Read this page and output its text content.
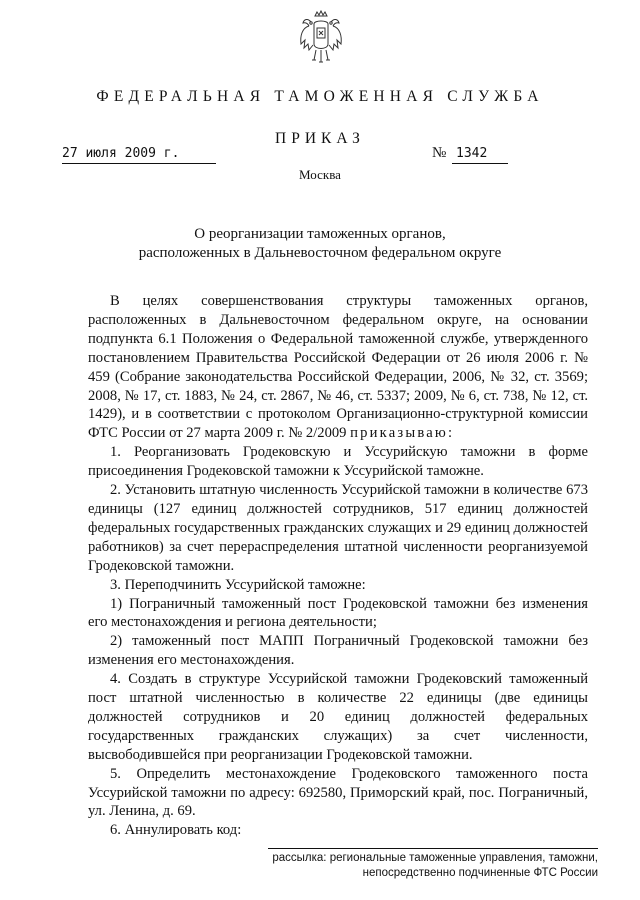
ФЕДЕРАЛЬНАЯ ТАМОЖЕННАЯ СЛУЖБА
ПРИКАЗ
27 июля 2009 г.	№ 1342
Москва
О реорганизации таможенных органов,
расположенных в Дальневосточном федеральном округе

В целях совершенствования структуры таможенных органов, расположенных в Дальневосточном федеральном округе, на основании подпункта 6.1 Положения о Федеральной таможенной службе, утвержденного постановлением Правительства Российской Федерации от 26 июля 2006 г. № 459 (Собрание законодательства Российской Федерации, 2006, № 32, ст. 3569; 2008, № 17, ст. 1883, № 24, ст. 2867, № 46, ст. 5337; 2009, № 6, ст. 738, № 12, ст. 1429), и в соответствии с протоколом Организационно-структурной комиссии ФТС России от 27 марта 2009 г. № 2/2009 приказываю:

1. Реорганизовать Гродековскую и Уссурийскую таможни в форме присоединения Гродековской таможни к Уссурийской таможне.

2. Установить штатную численность Уссурийской таможни в количестве 673 единицы (127 единиц должностей сотрудников, 517 единиц должностей федеральных государственных гражданских служащих и 29 единиц должностей работников) за счет перераспределения штатной численности реорганизуемой Гродековской таможни.

3. Переподчинить Уссурийской таможне:

1) Пограничный таможенный пост Гродековской таможни без изменения его местонахождения и региона деятельности;

2) таможенный пост МАПП Пограничный Гродековской таможни без изменения его местонахождения.

4. Создать в структуре Уссурийской таможни Гродековский таможенный пост штатной численностью в количестве 22 единицы (две единицы должностей сотрудников и 20 единиц должностей федеральных государственных гражданских служащих) за счет численности, высвободившейся при реорганизации Гродековской таможни.

5. Определить местонахождение Гродековского таможенного поста Уссурийской таможни по адресу: 692580, Приморский край, пос. Пограничный, ул. Ленина, д. 69.

6. Аннулировать код:

рассылка: региональные таможенные управления, таможни,
непосредственно подчиненные ФТС России
